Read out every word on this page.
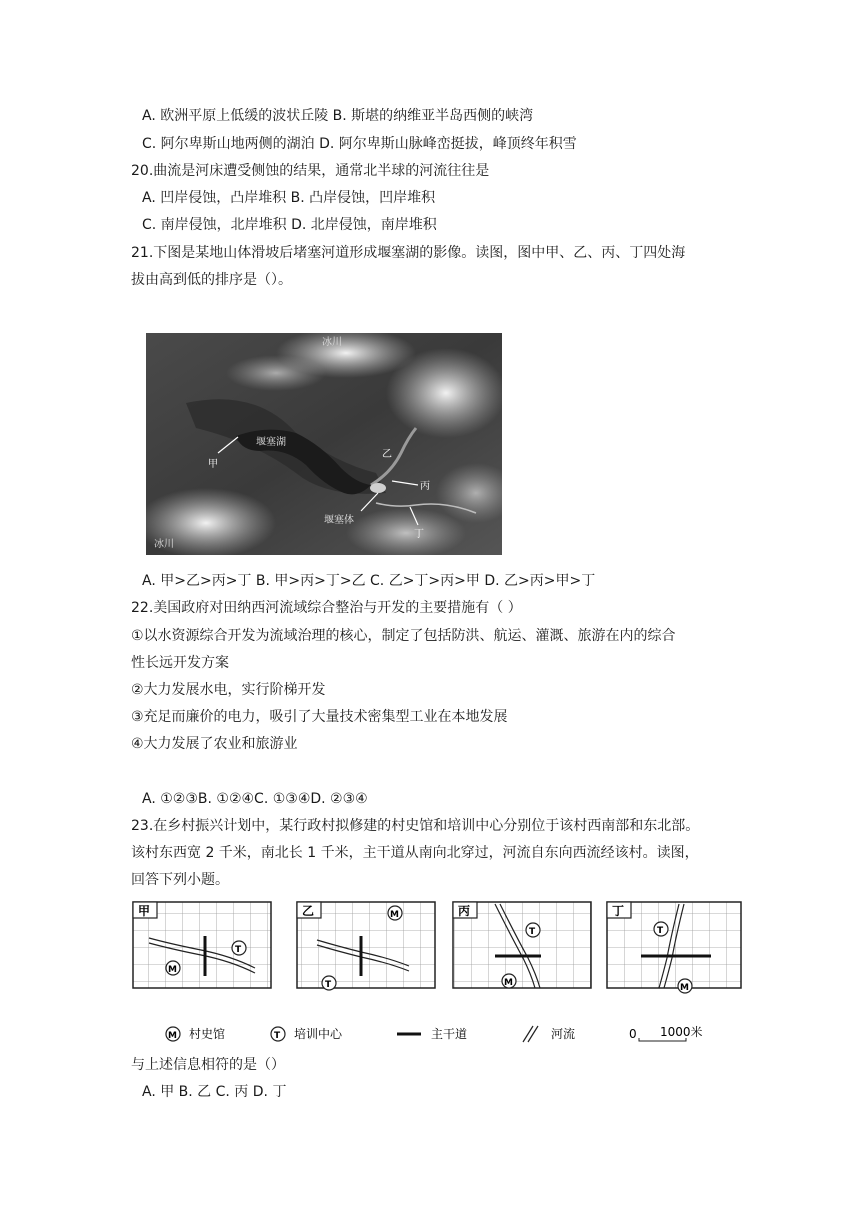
A. 欧洲平原上低缓的波状丘陵 B. 斯堪的纳维亚半岛西侧的峡湾
C. 阿尔卑斯山地两侧的湖泊 D. 阿尔卑斯山脉峰峦挺拔，峰顶终年积雪
20.曲流是河床遭受侧蚀的结果，通常北半球的河流往往是
A. 凹岸侵蚀，凸岸堆积 B. 凸岸侵蚀，凹岸堆积
C. 南岸侵蚀，北岸堆积 D. 北岸侵蚀，南岸堆积
21.下图是某地山体滑坡后堵塞河道形成堰塞湖的影像。读图，图中甲、乙、丙、丁四处海
拔由高到低的排序是（）。
甲
堰塞湖
冰川
乙
丙
堰塞体
丁
冰川
A. 甲>乙>丙>丁 B. 甲>丙>丁>乙 C. 乙>丁>丙>甲 D. 乙>丙>甲>丁
22.美国政府对田纳西河流域综合整治与开发的主要措施有（ ）
①以水资源综合开发为流域治理的核心，制定了包括防洪、航运、灌溉、旅游在内的综合
性长远开发方案
②大力发展水电，实行阶梯开发
③充足而廉价的电力，吸引了大量技术密集型工业在本地发展
④大力发展了农业和旅游业
A. ①②③B. ①②④C. ①③④D. ②③④
23.在乡村振兴计划中，某行政村拟修建的村史馆和培训中心分别位于该村西南部和东北部。
该村东西宽 2 千米，南北长 1 千米，主干道从南向北穿过，河流自东向西流经该村。读图，
回答下列小题。
甲
T
M
乙	M
T
丙
T
M
丁
T
M
M 村史馆	T 培训中心	主干道	河流	0 1000米
与上述信息相符的是（）
A. 甲 B. 乙 C. 丙 D. 丁
